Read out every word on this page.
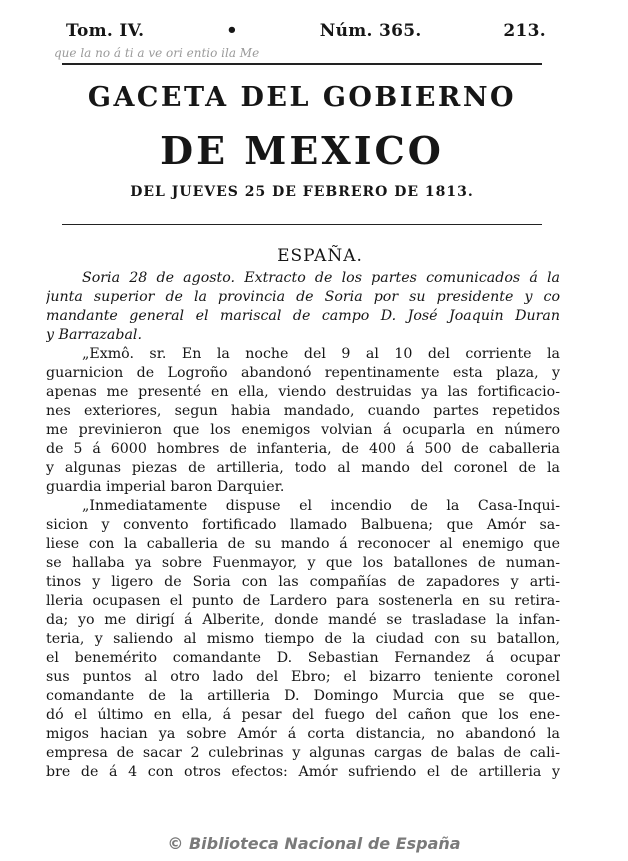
Tom. IV.	•	Núm. 365.	213.
que la no á ti a ve ori entio ila Me
GACETA DEL GOBIERNO
DE MEXICO
DEL JUEVES 25 DE FEBRERO DE 1813.
ESPAÑA.
Soria 28 de agosto. Extracto de los partes comunicados á la
junta superior de la provincia de Soria por su presidente y co
mandante general el mariscal de campo D. José Joaquin Duran
y Barrazabal.
„Exmô. sr. En la noche del 9 al 10 del corriente la
guarnicion de Logroño abandonó repentinamente esta plaza, y
apenas me presenté en ella, viendo destruidas ya las fortificacio-
nes exteriores, segun habia mandado, cuando partes repetidos
me previnieron que los enemigos volvian á ocuparla en número
de 5 á 6000 hombres de infanteria, de 400 á 500 de caballeria
y algunas piezas de artilleria, todo al mando del coronel de la
guardia imperial baron Darquier.
„Inmediatamente dispuse el incendio de la Casa-Inqui-
sicion y convento fortificado llamado Balbuena; que Amór sa-
liese con la caballeria de su mando á reconocer al enemigo que
se hallaba ya sobre Fuenmayor, y que los batallones de numan-
tinos y ligero de Soria con las compañías de zapadores y arti-
lleria ocupasen el punto de Lardero para sostenerla en su retira-
da; yo me dirigí á Alberite, donde mandé se trasladase la infan-
teria, y saliendo al mismo tiempo de la ciudad con su batallon,
el benemérito comandante D. Sebastian Fernandez á ocupar
sus puntos al otro lado del Ebro; el bizarro teniente coronel
comandante de la artilleria D. Domingo Murcia que se que-
dó el último en ella, á pesar del fuego del cañon que los ene-
migos hacian ya sobre Amór á corta distancia, no abandonó la
empresa de sacar 2 culebrinas y algunas cargas de balas de cali-
bre de á 4 con otros efectos: Amór sufriendo el de artilleria y
© Biblioteca Nacional de España
